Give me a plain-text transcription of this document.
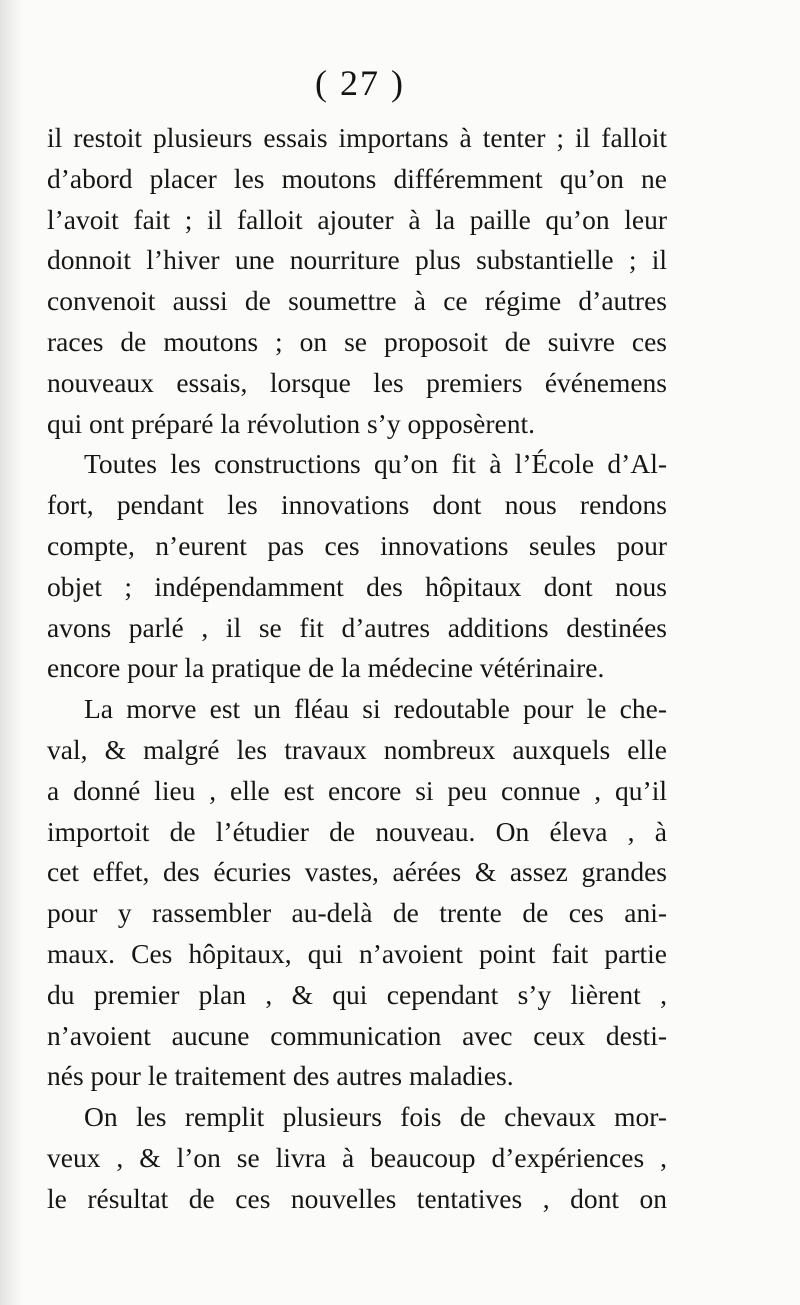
( 27 )
il restoit plusieurs essais importans à tenter ; il falloit
d’abord placer les moutons différemment qu’on ne
l’avoit fait ; il falloit ajouter à la paille qu’on leur
donnoit l’hiver une nourriture plus substantielle ; il
convenoit aussi de soumettre à ce régime d’autres
races de moutons ; on se proposoit de suivre ces
nouveaux essais, lorsque les premiers événemens
qui ont préparé la révolution s’y opposèrent.
Toutes les constructions qu’on fit à l’École d’Al-
fort, pendant les innovations dont nous rendons
compte, n’eurent pas ces innovations seules pour
objet ; indépendamment des hôpitaux dont nous
avons parlé , il se fit d’autres additions destinées
encore pour la pratique de la médecine vétérinaire.
La morve est un fléau si redoutable pour le che-
val, & malgré les travaux nombreux auxquels elle
a donné lieu , elle est encore si peu connue , qu’il
importoit de l’étudier de nouveau. On éleva , à
cet effet, des écuries vastes, aérées & assez grandes
pour y rassembler au-delà de trente de ces ani-
maux. Ces hôpitaux, qui n’avoient point fait partie
du premier plan , & qui cependant s’y lièrent ,
n’avoient aucune communication avec ceux desti-
nés pour le traitement des autres maladies.
On les remplit plusieurs fois de chevaux mor-
veux , & l’on se livra à beaucoup d’expériences ,
le résultat de ces nouvelles tentatives , dont on
